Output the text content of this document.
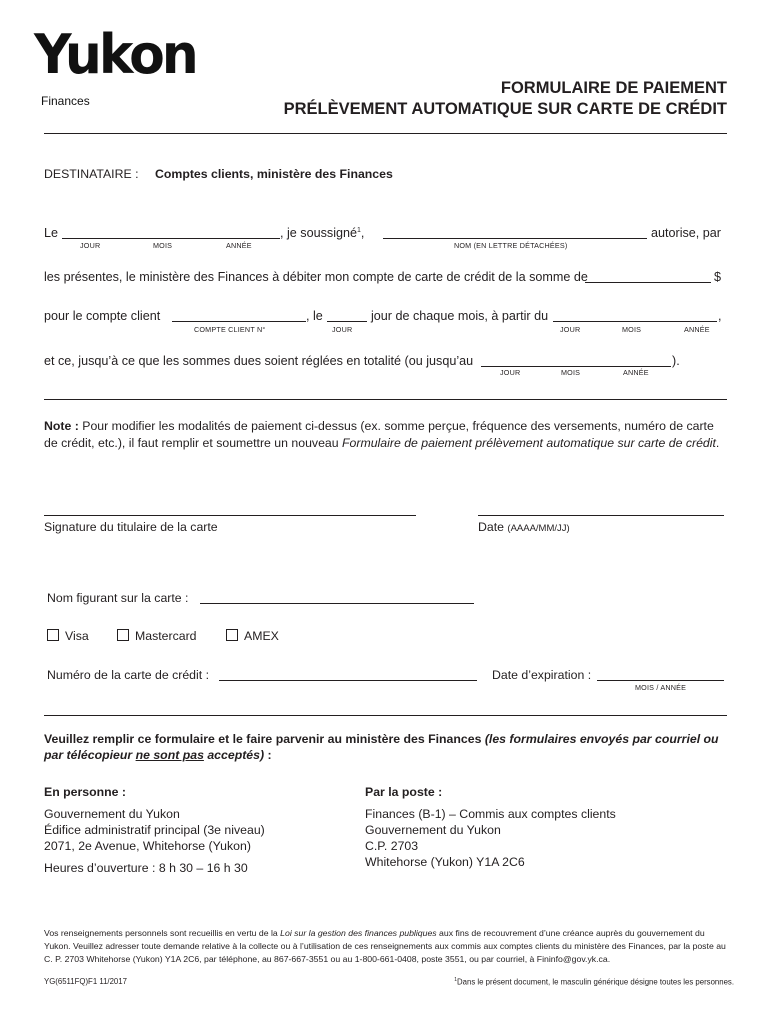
Yukon
Finances
FORMULAIRE DE PAIEMENT
PRÉLÈVEMENT AUTOMATIQUE SUR CARTE DE CRÉDIT
DESTINATAIRE : Comptes clients, ministère des Finances
Le	, je soussigné$^1$,	autorise, par
JOUR	MOIS	ANNÉE	NOM (EN LETTRE DÉTACHÉES)
les présentes, le ministère des Finances à débiter mon compte de carte de crédit de la somme de	$
pour le compte client	, le	jour de chaque mois, à partir du	,
COMPTE CLIENT N°	JOUR	JOUR	MOIS	ANNÉE
et ce, jusqu’à ce que les sommes dues soient réglées en totalité (ou jusqu’au	).
JOUR	MOIS	ANNÉE
Note : Pour modifier les modalités de paiement ci-dessus (ex. somme perçue, fréquence des versements, numéro de carte de crédit, etc.), il faut remplir et soumettre un nouveau Formulaire de paiement prélèvement automatique sur carte de crédit.
Signature du titulaire de la carte	Date (AAAA/MM/JJ)
Nom figurant sur la carte :
Visa	Mastercard	AMEX
Numéro de la carte de crédit :	Date d’expiration :
MOIS / ANNÉE
Veuillez remplir ce formulaire et le faire parvenir au ministère des Finances (les formulaires envoyés par courriel ou par télécopieur ne sont pas acceptés) :
En personne :
Gouvernement du Yukon
Édifice administratif principal (3e niveau)
2071, 2e Avenue, Whitehorse (Yukon)
Heures d’ouverture : 8 h 30 – 16 h 30
Par la poste :
Finances (B-1) – Commis aux comptes clients
Gouvernement du Yukon
C.P. 2703
Whitehorse (Yukon) Y1A 2C6
Vos renseignements personnels sont recueillis en vertu de la Loi sur la gestion des finances publiques aux fins de recouvrement d’une créance auprès du gouvernement du Yukon. Veuillez adresser toute demande relative à la collecte ou à l’utilisation de ces renseignements aux commis aux comptes clients du ministère des Finances, par la poste au C. P. 2703 Whitehorse (Yukon) Y1A 2C6, par téléphone, au 867-667-3551 ou au 1-800-661-0408, poste 3551, ou par courriel, à Fininfo@gov.yk.ca.
YG(6511FQ)F1 11/2017	$^1$Dans le présent document, le masculin générique désigne toutes les personnes.
